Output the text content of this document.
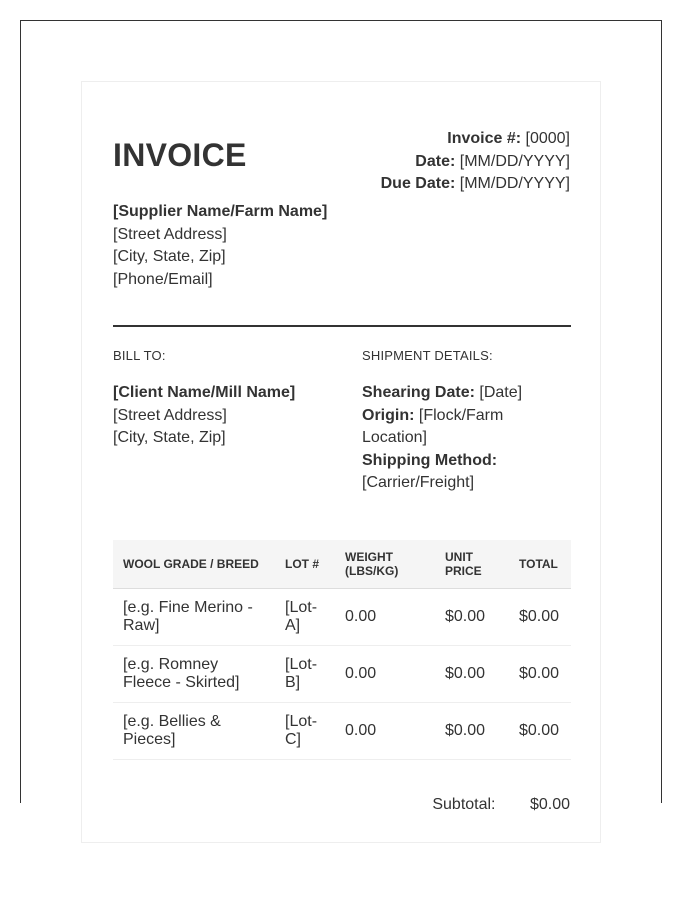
INVOICE	Invoice #: [0000]
Date: [MM/DD/YYYY]
Due Date: [MM/DD/YYYY]
[Supplier Name/Farm Name]
[Street Address]
[City, State, Zip]
[Phone/Email]
BILL TO:	SHIPMENT DETAILS:
[Client Name/Mill Name]
[Street Address]
[City, State, Zip]
Shearing Date: [Date]
Origin: [Flock/Farm Location]
Shipping Method: [Carrier/Freight]
WOOL GRADE / BREED	LOT #	WEIGHT (LBS/KG)	UNIT PRICE	TOTAL
[e.g. Fine Merino - Raw]	[Lot-A]	0.00	$0.00	$0.00
[e.g. Romney Fleece - Skirted]	[Lot-B]	0.00	$0.00	$0.00
[e.g. Bellies & Pieces]	[Lot-C]	0.00	$0.00	$0.00
Subtotal: $0.00
